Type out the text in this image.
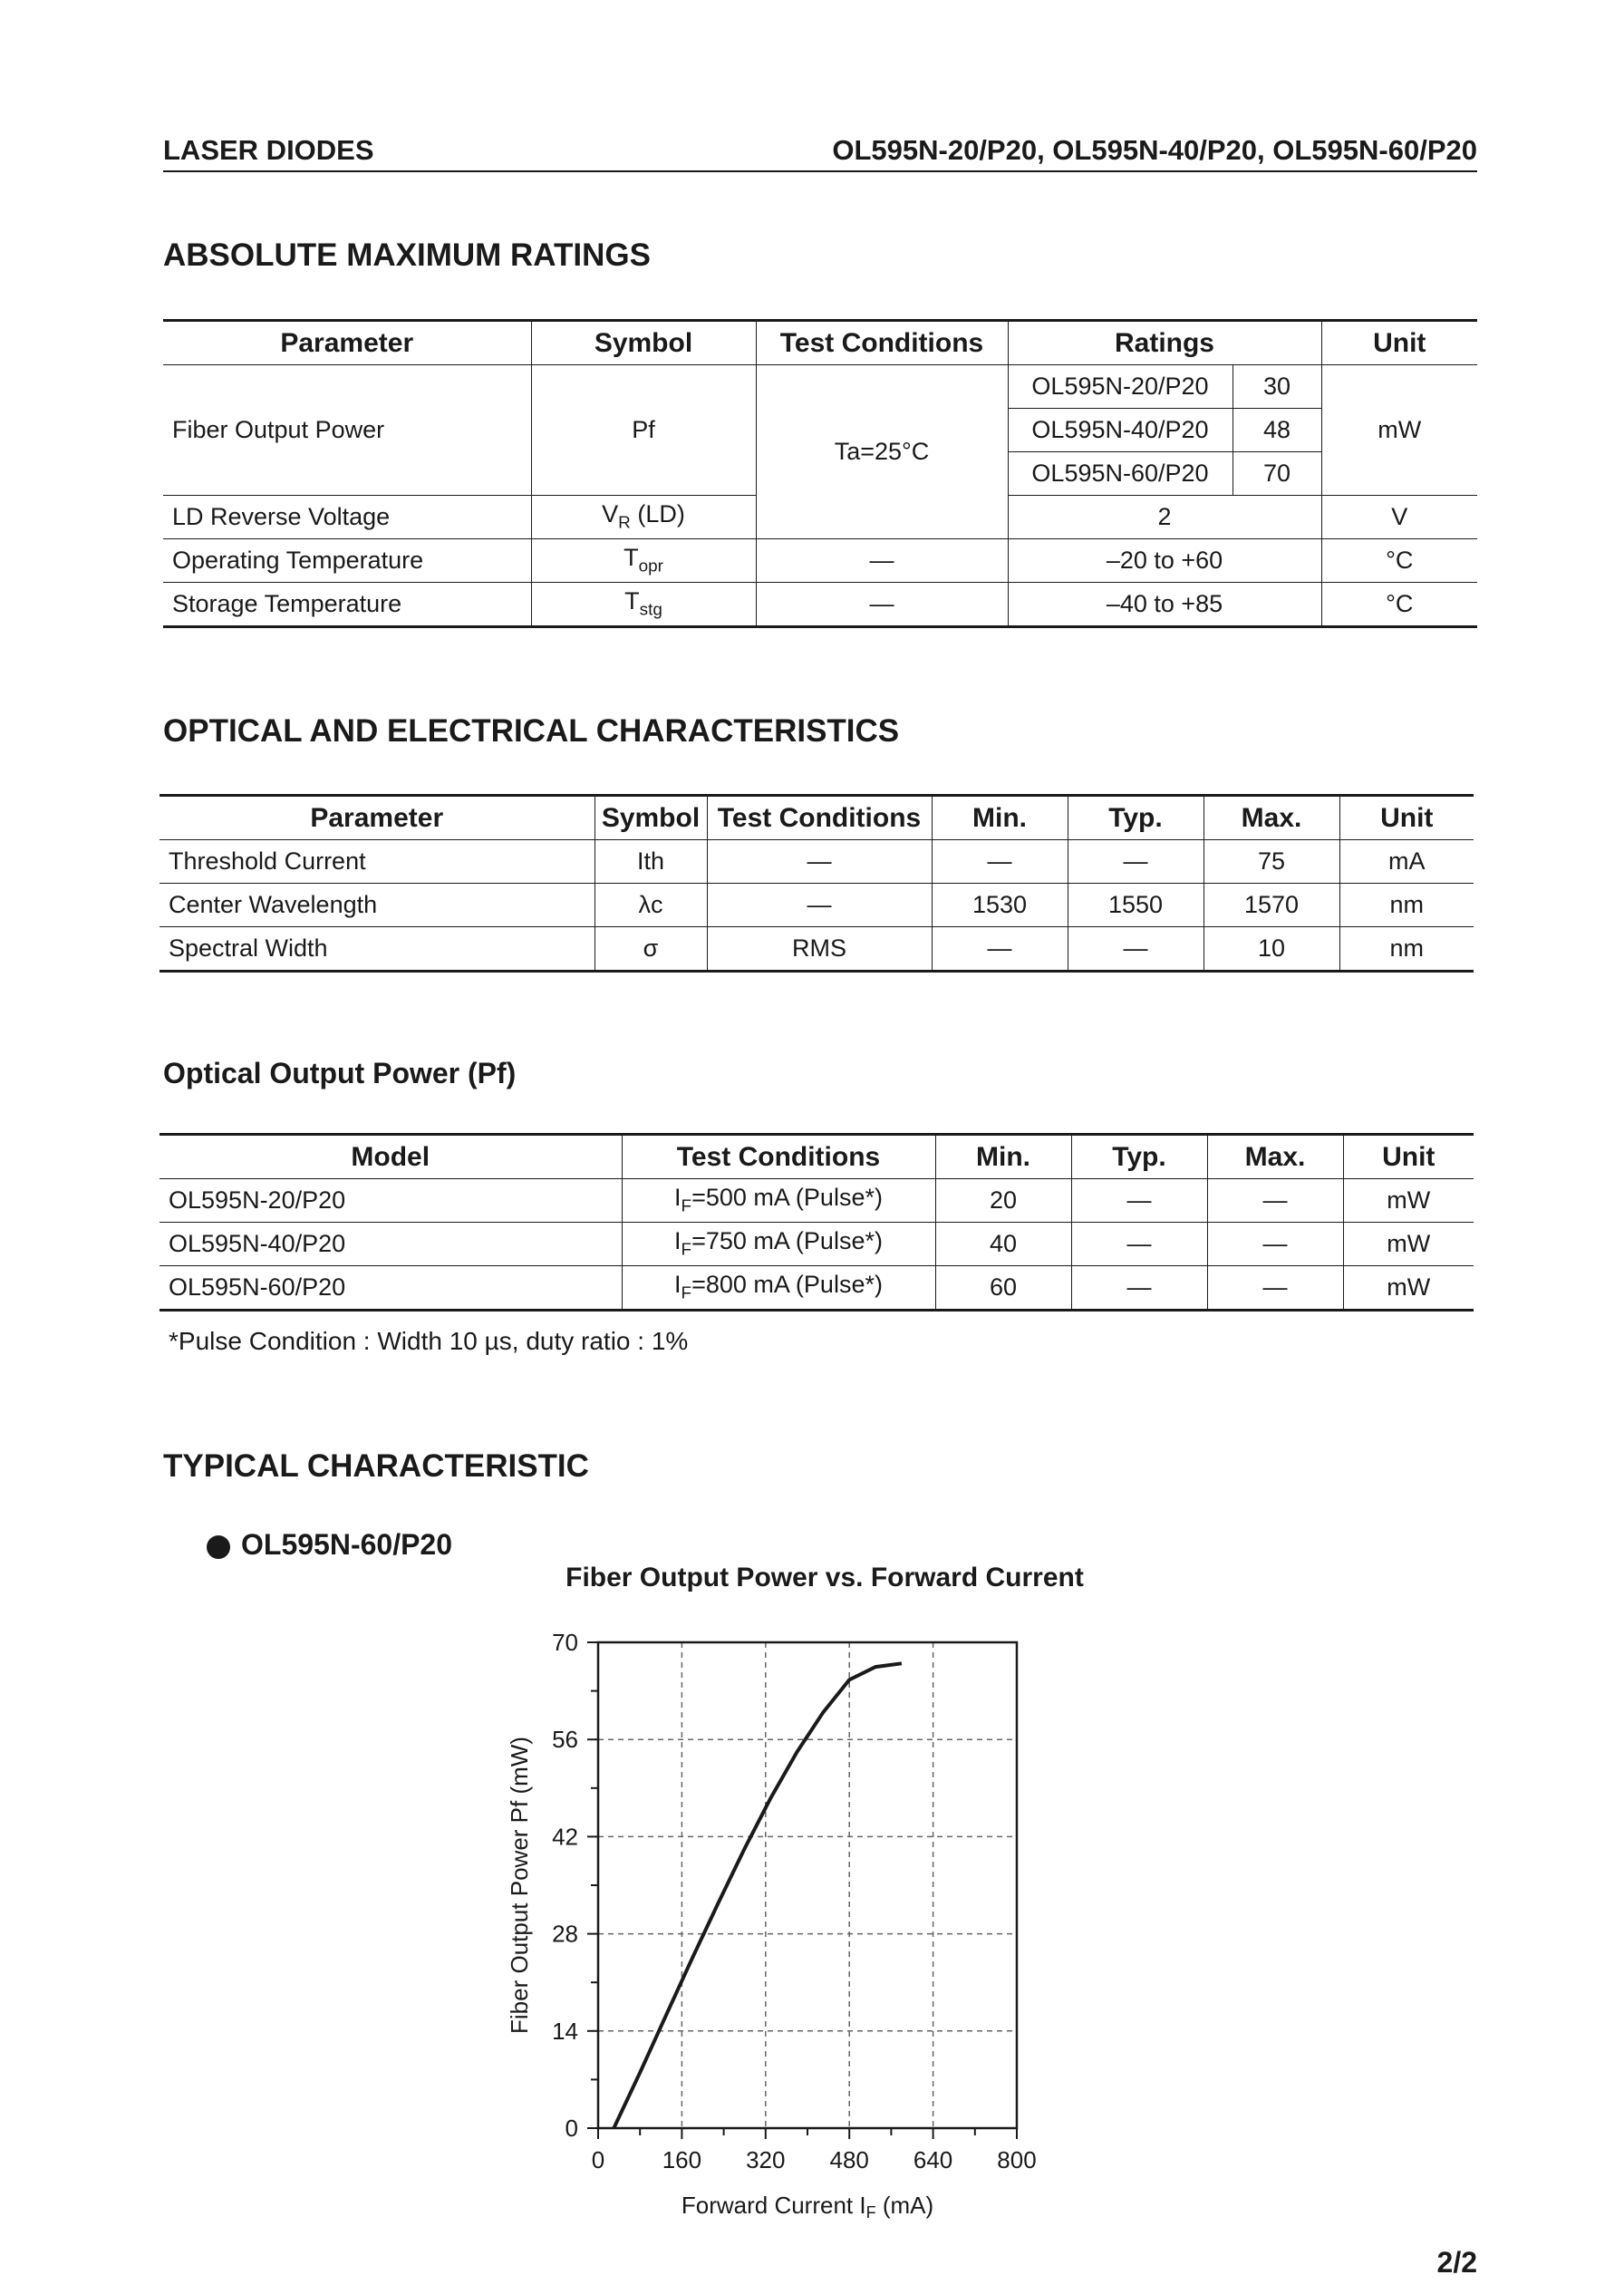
LASER DIODES	OL595N-20/P20, OL595N-40/P20, OL595N-60/P20
ABSOLUTE MAXIMUM RATINGS
Parameter	Symbol	Test Conditions	Ratings		Unit
Fiber Output Power	Pf	Ta=25°C	OL595N-20/P20	30	mW
			OL595N-40/P20	48	
			OL595N-60/P20	70	
LD Reverse Voltage	$V_R$ (LD)		2		V
Operating Temperature	$T_{opr}$	—	–20 to +60		°C
Storage Temperature	$T_{stg}$	—	–40 to +85		°C
OPTICAL AND ELECTRICAL CHARACTERISTICS
Parameter	Symbol	Test Conditions	Min.	Typ.	Max.	Unit
Threshold Current	Ith	—	—	—	75	mA
Center Wavelength	λc	—	1530	1550	1570	nm
Spectral Width	σ	RMS	—	—	10	nm
Optical Output Power (Pf)
Model	Test Conditions	Min.	Typ.	Max.	Unit
OL595N-20/P20	$I_F=500$ mA (Pulse*)	20	—	—	mW
OL595N-40/P20	$I_F=750$ mA (Pulse*)	40	—	—	mW
OL595N-60/P20	$I_F=800$ mA (Pulse*)	60	—	—	mW
*Pulse Condition : Width 10 µs, duty ratio : 1%
TYPICAL CHARACTERISTIC
OL595N-60/P20
Fiber Output Power vs. Forward Current
0 160 320 480 640 800
0
14
28
42
56
70
Forward Current IF (mA)
Fiber Output Power Pf (mW)
2/2
